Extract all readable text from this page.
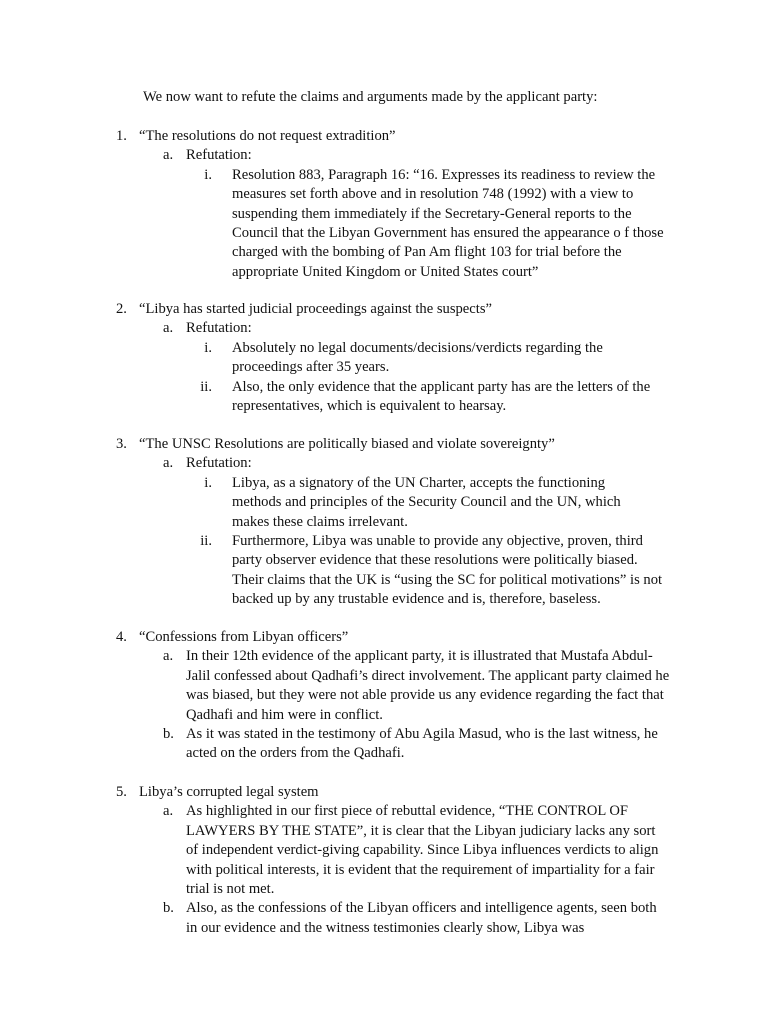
We now want to refute the claims and arguments made by the applicant party:
1. “The resolutions do not request extradition”
a. Refutation:
i. Resolution 883, Paragraph 16: “16. Expresses its readiness to review the measures set forth above and in resolution 748 (1992) with a view to suspending them immediately if the Secretary-General reports to the Council that the Libyan Government has ensured the appearance o f those charged with the bombing of Pan Am flight 103 for trial before the appropriate United Kingdom or United States court”
2. “Libya has started judicial proceedings against the suspects”
a. Refutation:
i. Absolutely no legal documents/decisions/verdicts regarding the proceedings after 35 years.
ii. Also, the only evidence that the applicant party has are the letters of the representatives, which is equivalent to hearsay.
3. “The UNSC Resolutions are politically biased and violate sovereignty”
a. Refutation:
i. Libya, as a signatory of the UN Charter, accepts the functioning methods and principles of the Security Council and the UN, which makes these claims irrelevant.
ii. Furthermore, Libya was unable to provide any objective, proven, third party observer evidence that these resolutions were politically biased. Their claims that the UK is “using the SC for political motivations” is not backed up by any trustable evidence and is, therefore, baseless.
4. “Confessions from Libyan officers”
a. In their 12th evidence of the applicant party, it is illustrated that Mustafa Abdul-Jalil confessed about Qadhafi’s direct involvement. The applicant party claimed he was biased, but they were not able provide us any evidence regarding the fact that Qadhafi and him were in conflict.
b. As it was stated in the testimony of Abu Agila Masud, who is the last witness, he acted on the orders from the Qadhafi.
5. Libya’s corrupted legal system
a. As highlighted in our first piece of rebuttal evidence, “THE CONTROL OF LAWYERS BY THE STATE”, it is clear that the Libyan judiciary lacks any sort of independent verdict-giving capability. Since Libya influences verdicts to align with political interests, it is evident that the requirement of impartiality for a fair trial is not met.
b. Also, as the confessions of the Libyan officers and intelligence agents, seen both in our evidence and the witness testimonies clearly show, Libya was
